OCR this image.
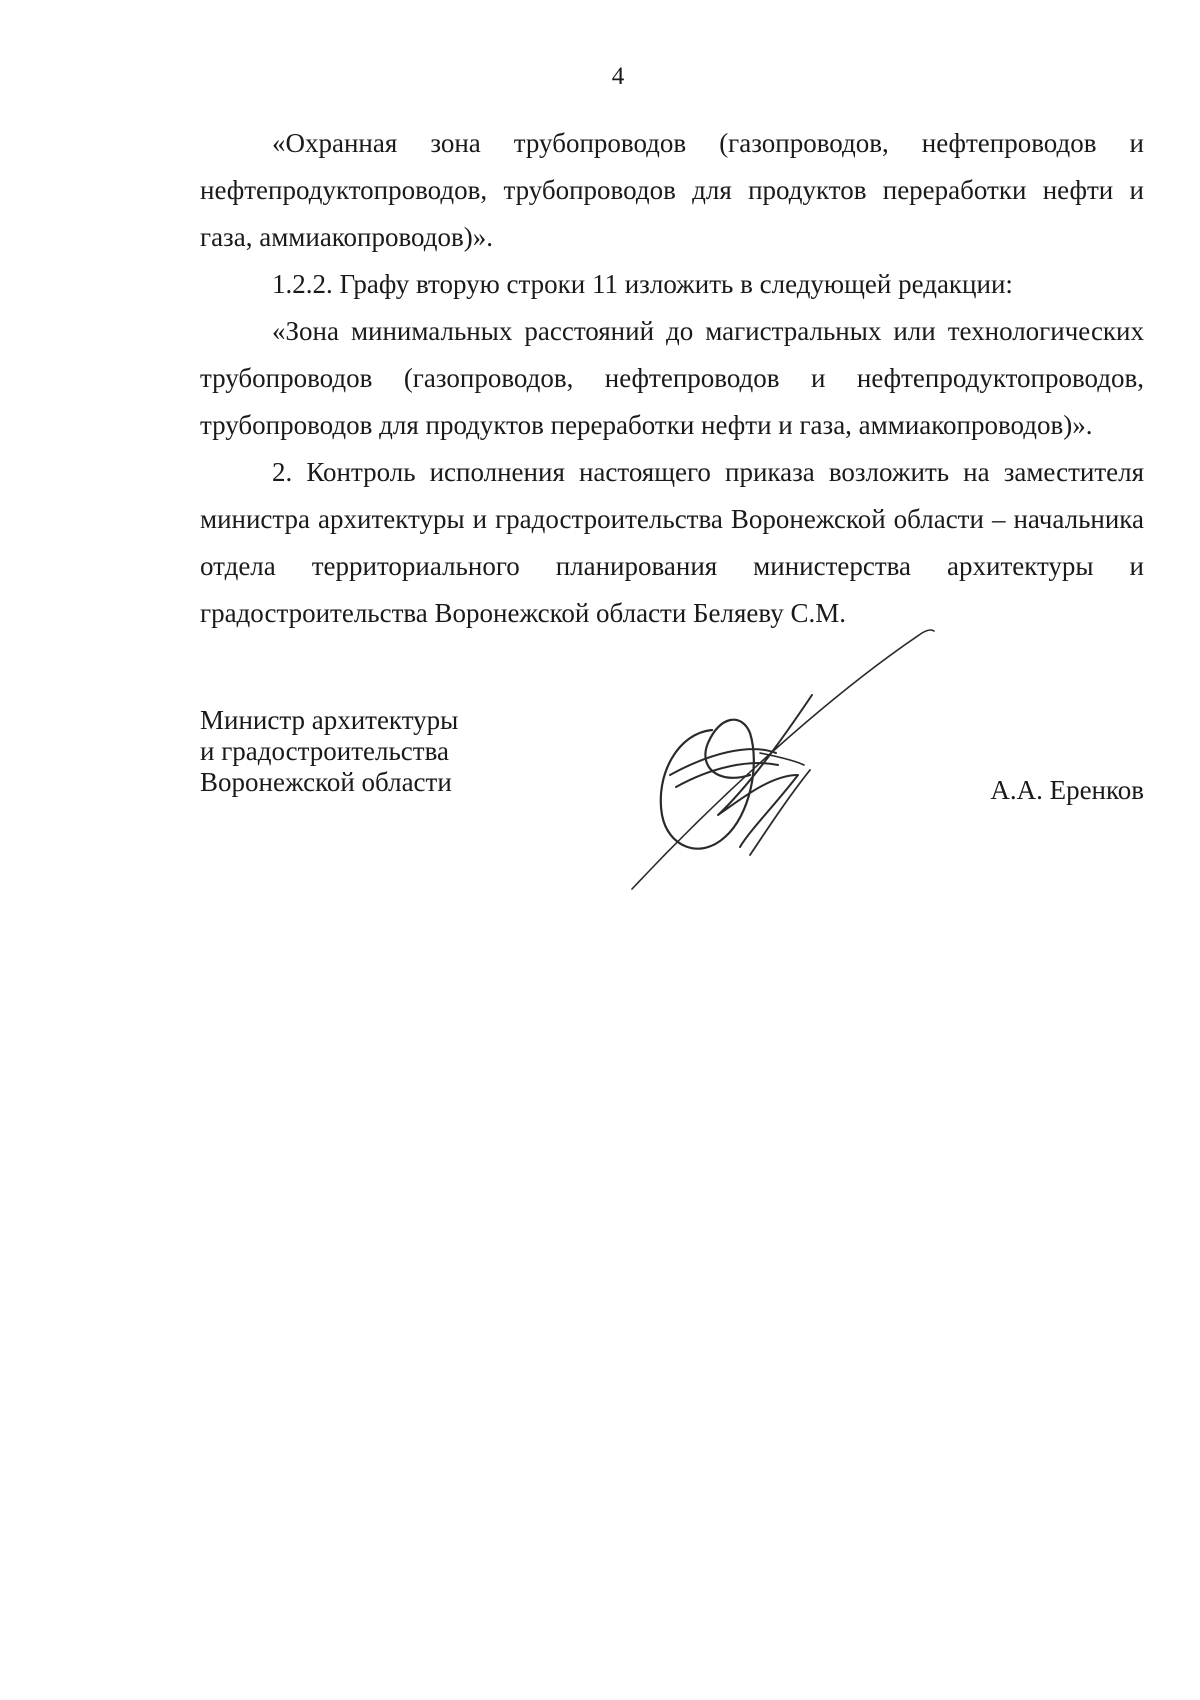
4

«Охранная зона трубопроводов (газопроводов, нефтепроводов и нефтепродуктопроводов, трубопроводов для продуктов переработки нефти и газа, аммиакопроводов)».

1.2.2. Графу вторую строки 11 изложить в следующей редакции:

«Зона минимальных расстояний до магистральных или технологических трубопроводов (газопроводов, нефтепроводов и нефтепродуктопроводов, трубопроводов для продуктов переработки нефти и газа, аммиакопроводов)».

2. Контроль исполнения настоящего приказа возложить на заместителя министра архитектуры и градостроительства Воронежской области – начальника отдела территориального планирования министерства архитектуры и градостроительства Воронежской области Беляеву С.М.

Министр архитектуры
и градостроительства
Воронежской области	А.А. Еренков
